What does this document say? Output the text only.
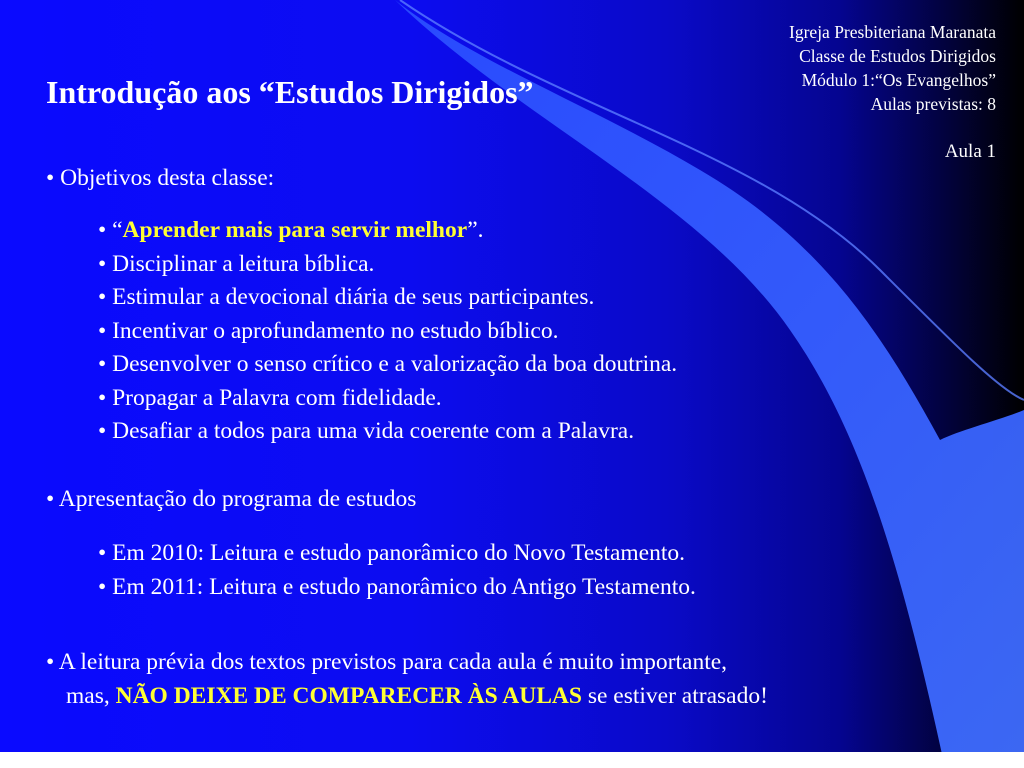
Igreja Presbiteriana Maranata
Classe de Estudos Dirigidos
Módulo 1:“Os Evangelhos”
Aulas previstas: 8
Aula 1
Introdução aos “Estudos Dirigidos”
• Objetivos desta classe:
• “Aprender mais para servir melhor”.
• Disciplinar a leitura bíblica.
• Estimular a devocional diária de seus participantes.
• Incentivar o aprofundamento no estudo bíblico.
• Desenvolver o senso crítico e a valorização da boa doutrina.
• Propagar a Palavra com fidelidade.
• Desafiar a todos para uma vida coerente com a Palavra.
• Apresentação do programa de estudos
• Em 2010: Leitura e estudo panorâmico do Novo Testamento.
• Em 2011: Leitura e estudo panorâmico do Antigo Testamento.
• A leitura prévia dos textos previstos para cada aula é muito importante,
mas, NÃO DEIXE DE COMPARECER ÀS AULAS se estiver atrasado!
